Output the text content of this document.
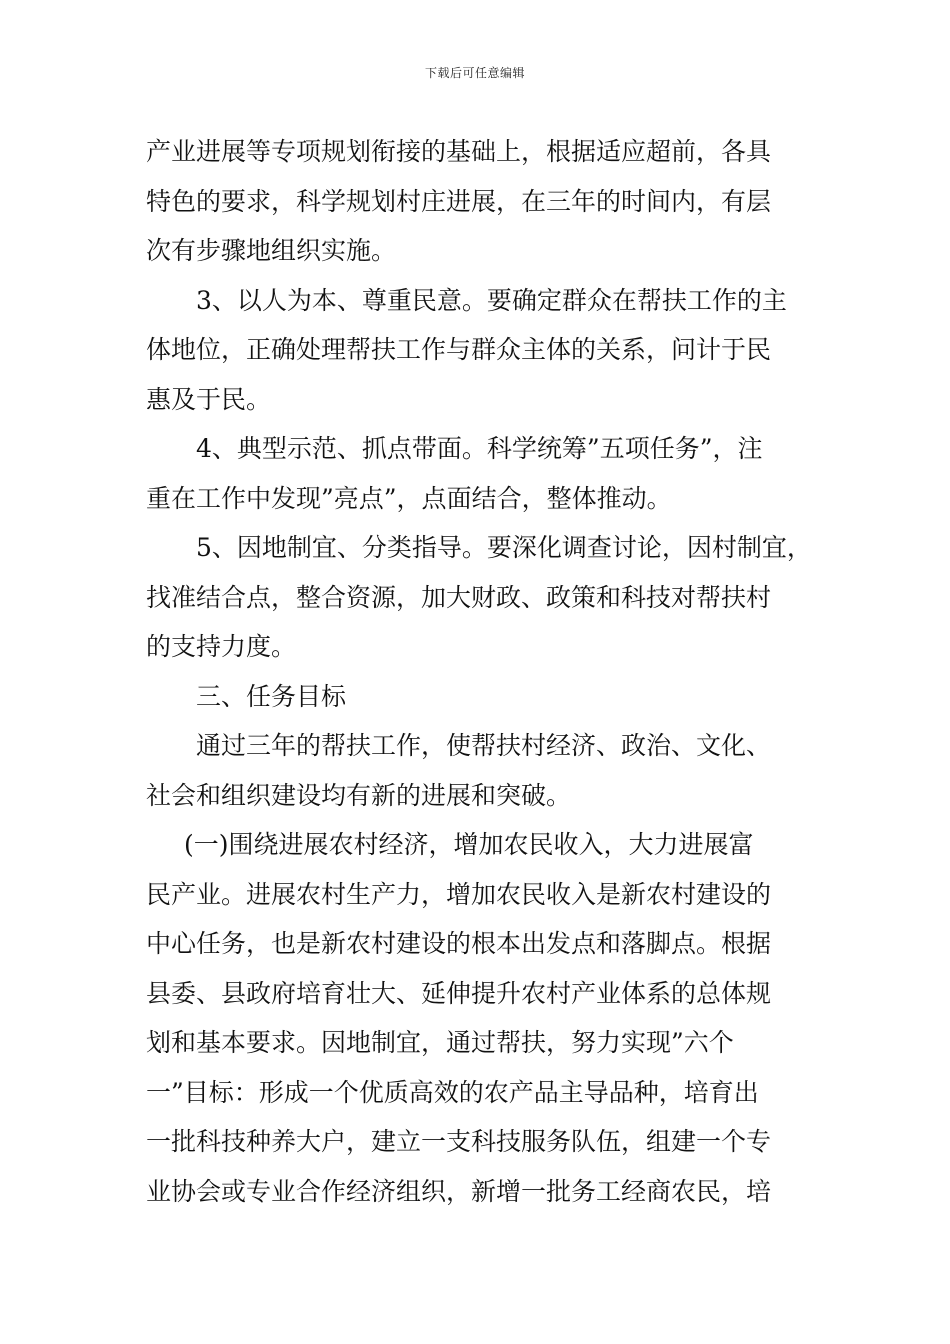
下载后可任意编辑
产业进展等专项规划衔接的基础上，根据适应超前，各具
特色的要求，科学规划村庄进展，在三年的时间内，有层
次有步骤地组织实施。
3、以人为本、尊重民意。要确定群众在帮扶工作的主
体地位，正确处理帮扶工作与群众主体的关系，问计于民
惠及于民。
4、典型示范、抓点带面。科学统筹”五项任务”，注
重在工作中发现”亮点”，点面结合，整体推动。
5、因地制宜、分类指导。要深化调查讨论，因村制宜，
找准结合点，整合资源，加大财政、政策和科技对帮扶村
的支持力度。
三、任务目标
通过三年的帮扶工作，使帮扶村经济、政治、文化、
社会和组织建设均有新的进展和突破。
(一)围绕进展农村经济，增加农民收入，大力进展富
民产业。进展农村生产力，增加农民收入是新农村建设的
中心任务，也是新农村建设的根本出发点和落脚点。根据
县委、县政府培育壮大、延伸提升农村产业体系的总体规
划和基本要求。因地制宜，通过帮扶，努力实现”六个
一”目标：形成一个优质高效的农产品主导品种，培育出
一批科技种养大户，建立一支科技服务队伍，组建一个专
业协会或专业合作经济组织，新增一批务工经商农民，培
